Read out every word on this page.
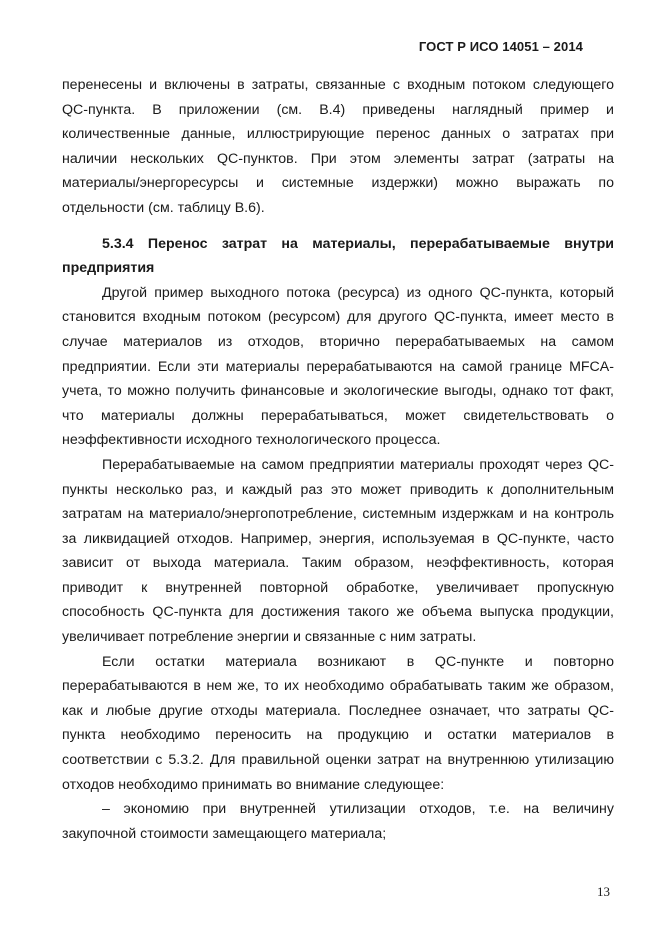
ГОСТ Р ИСО 14051 – 2014

перенесены и включены в затраты, связанные с входным потоком следующего QC-пункта. В приложении (см. В.4) приведены наглядный пример и количественные данные, иллюстрирующие перенос данных о затратах при наличии нескольких QC-пунктов. При этом элементы затрат (затраты на материалы/энергоресурсы и системные издержки) можно выражать по отдельности (см. таблицу В.6).

5.3.4 Перенос затрат на материалы, перерабатываемые внутри предприятия

Другой пример выходного потока (ресурса) из одного QC-пункта, который становится входным потоком (ресурсом) для другого QC-пункта, имеет место в случае материалов из отходов, вторично перерабатываемых на самом предприятии. Если эти материалы перерабатываются на самой границе MFCA-учета, то можно получить финансовые и экологические выгоды, однако тот факт, что материалы должны перерабатываться, может свидетельствовать о неэффективности исходного технологического процесса.

Перерабатываемые на самом предприятии материалы проходят через QC-пункты несколько раз, и каждый раз это может приводить к дополнительным затратам на материало/энергопотребление, системным издержкам и на контроль за ликвидацией отходов. Например, энергия, используемая в QC-пункте, часто зависит от выхода материала. Таким образом, неэффективность, которая приводит к внутренней повторной обработке, увеличивает пропускную способность QC-пункта для достижения такого же объема выпуска продукции, увеличивает потребление энергии и связанные с ним затраты.

Если остатки материала возникают в QC-пункте и повторно перерабатываются в нем же, то их необходимо обрабатывать таким же образом, как и любые другие отходы материала. Последнее означает, что затраты QC-пункта необходимо переносить на продукцию и остатки материалов в соответствии с 5.3.2. Для правильной оценки затрат на внутреннюю утилизацию отходов необходимо принимать во внимание следующее:

– экономию при внутренней утилизации отходов, т.е. на величину закупочной стоимости замещающего материала;

13
